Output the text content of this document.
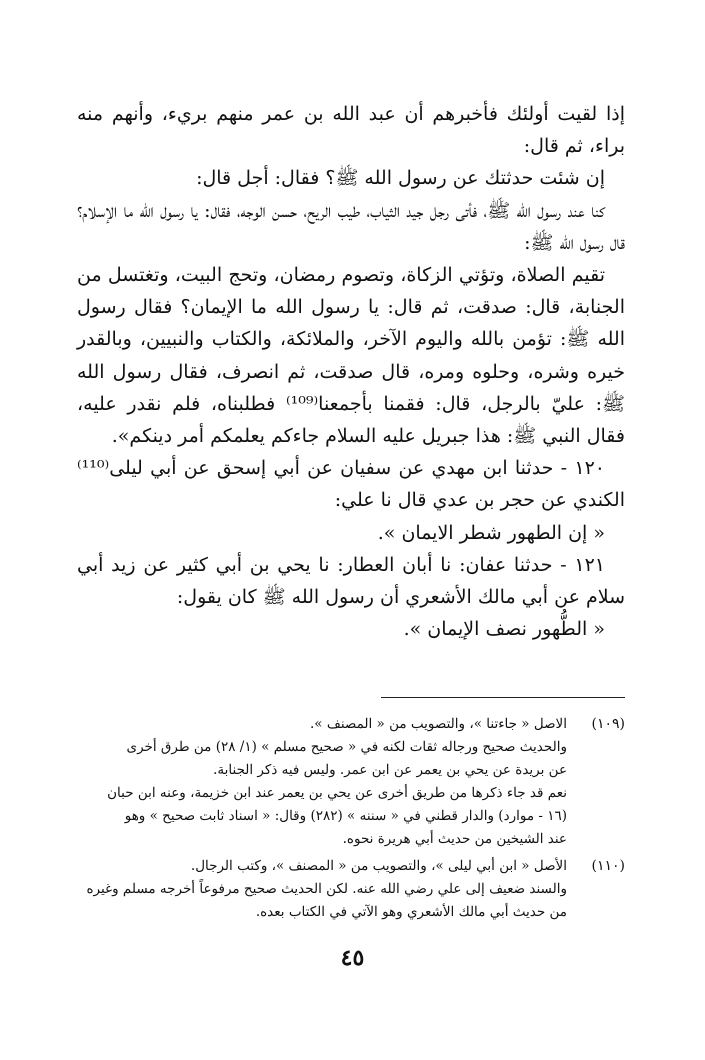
إذا لقيت أولئك فأخبرهم أن عبد الله بن عمر منهم بريء، وأنهم منه براء، ثم قال:

إن شئت حدثتك عن رسول الله ﷺ؟ فقال: أجل قال:

كنا عند رسول الله ﷺ، فأتى رجل جيد الثياب، طيب الريح، حسن الوجه، فقال: يا رسول الله ما الإسلام؟ قال رسول الله ﷺ:

تقيم الصلاة، وتؤتي الزكاة، وتصوم رمضان، وتحج البيت، وتغتسل من الجنابة، قال: صدقت، ثم قال: يا رسول الله ما الإيمان؟ فقال رسول الله ﷺ: تؤمن بالله واليوم الآخر، والملائكة، والكتاب والنبيين، وبالقدر خيره وشره، وحلوه ومره، قال صدقت، ثم انصرف، فقال رسول الله ﷺ: عليّ بالرجل، قال: فقمنا بأجمعنا⁽¹⁰⁹⁾ فطلبناه، فلم نقدر عليه، فقال النبي ﷺ: هذا جبريل عليه السلام جاءكم يعلمكم أمر دينكم».

١٢٠ - حدثنا ابن مهدي عن سفيان عن أبي إسحق عن أبي ليلى⁽¹¹⁰⁾ الكندي عن حجر بن عدي قال نا علي:

« إن الطهور شطر الايمان ».

١٢١ - حدثنا عفان: نا أبان العطار: نا يحي بن أبي كثير عن زيد أبي سلام عن أبي مالك الأشعري أن رسول الله ﷺ كان يقول:

« الطُّهور نصف الإيمان ».

(١٠٩)
الاصل « جاءتنا »، والتصويب من « المصنف ».
والحديث صحيح ورجاله ثقات لكنه في « صحيح مسلم » (١/ ٢٨) من طرق أخرى
عن بريدة عن يحي بن يعمر عن ابن عمر. وليس فيه ذكر الجنابة.
نعم قد جاء ذكرها من طريق أخرى عن يحي بن يعمر عند ابن خزيمة، وعنه ابن حبان
(١٦ - موارد) والدار قطني في « سننه » (٢٨٢) وقال: « اسناد ثابت صحيح » وهو
عند الشيخين من حديث أبي هريرة نحوه.
(١١٠)
الأصل « ابن أبي ليلى »، والتصويب من « المصنف »، وكتب الرجال.
والسند ضعيف إلى علي رضي الله عنه. لكن الحديث صحيح مرفوعاً أخرجه مسلم وغيره
من حديث أبي مالك الأشعري وهو الآتي في الكتاب بعده.
٤٥
